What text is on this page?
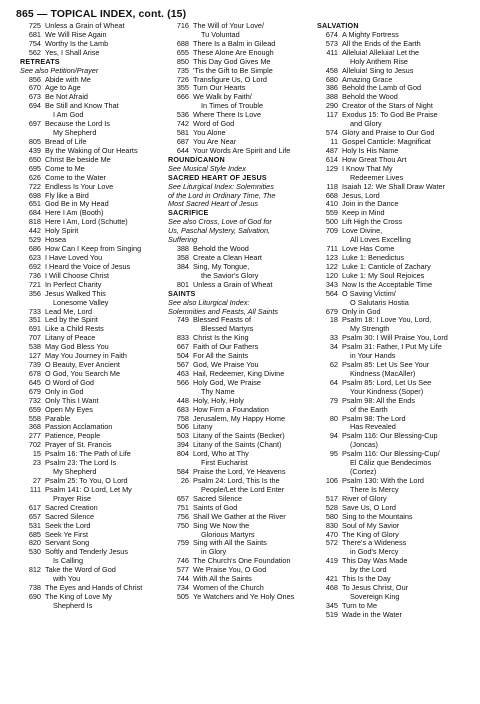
865 — TOPICAL INDEX, cont. (15)
725 Unless a Grain of Wheat
681 We Will Rise Again
754 Worthy Is the Lamb
562 Yes, I Shall Arise
RETREATS
See also Petition/Prayer
856 Abide with Me
670 Age to Age
673 Be Not Afraid
694 Be Still and Know That
I Am God
697 Because the Lord Is
My Shepherd
805 Bread of Life
439 By the Waking of Our Hearts
650 Christ Be beside Me
695 Come to Me
626 Come to the Water
722 Endless Is Your Love
698 Fly like a Bird
651 God Be in My Head
684 Here I Am (Booth)
818 Here I Am, Lord (Schutte)
442 Holy Spirit
529 Hosea
686 How Can I Keep from Singing
623 I Have Loved You
692 I Heard the Voice of Jesus
736 I Will Choose Christ
721 In Perfect Charity
356 Jesus Walked This
Lonesome Valley
733 Lead Me, Lord
351 Led by the Spirit
691 Like a Child Rests
707 Litany of Peace
538 May God Bless You
127 May You Journey in Faith
739 O Beauty, Ever Ancient
678 O God, You Search Me
645 O Word of God
679 Only in God
732 Only This I Want
659 Open My Eyes
558 Parable
368 Passion Acclamation
277 Patience, People
702 Prayer of St. Francis
15 Psalm 16: The Path of Life
23 Psalm 23: The Lord Is
My Shepherd
27 Psalm 25: To You, O Lord
111 Psalm 141: O Lord, Let My
Prayer Rise
617 Sacred Creation
657 Sacred Silence
531 Seek the Lord
685 Seek Ye First
820 Servant Song
530 Softly and Tenderly Jesus
Is Calling
812 Take the Word of God
with You
738 The Eyes and Hands of Christ
690 The King of Love My
Shepherd Is
716 The Will of Your Love/
Tu Voluntad
688 There Is a Balm in Gilead
655 These Alone Are Enough
850 This Day God Gives Me
735 'Tis the Gift to Be Simple
726 Transfigure Us, O Lord
355 Turn Our Hearts
666 We Walk by Faith/
In Times of Trouble
536 Where There Is Love
742 Word of God
581 You Alone
687 You Are Near
644 Your Words Are Spirit and Life
ROUND/CANON
See Musical Style Index
SACRED HEART OF JESUS
See Liturgical Index: Solemnities
of the Lord in Ordinary Time, The
Most Sacred Heart of Jesus
SACRIFICE
See also Cross, Love of God for
Us, Paschal Mystery, Salvation,
Suffering
388 Behold the Wood
358 Create a Clean Heart
384 Sing, My Tongue,
the Savior's Glory
801 Unless a Grain of Wheat
SAINTS
See also Liturgical Index:
Solemnities and Feasts, All Saints
749 Blessed Feasts of
Blessed Martyrs
833 Christ Is the King
667 Faith of Our Fathers
504 For All the Saints
567 God, We Praise You
463 Hail, Redeemer, King Divine
566 Holy God, We Praise
Thy Name
448 Holy, Holy, Holy
683 How Firm a Foundation
758 Jerusalem, My Happy Home
506 Litany
503 Litany of the Saints (Becker)
394 Litany of the Saints (Chant)
804 Lord, Who at Thy
First Eucharist
584 Praise the Lord, Ye Heavens
26 Psalm 24: Lord, This Is the
People/Let the Lord Enter
657 Sacred Silence
751 Saints of God
756 Shall We Gather at the River
750 Sing We Now the
Glorious Martyrs
759 Sing with All the Saints
in Glory
746 The Church's One Foundation
577 We Praise You, O God
744 With All the Saints
734 Women of the Church
505 Ye Watchers and Ye Holy Ones
SALVATION
674 A Mighty Fortress
573 All the Ends of the Earth
411 Alleluia! Alleluia! Let the
Holy Anthem Rise
458 Alleluia! Sing to Jesus
680 Amazing Grace
386 Behold the Lamb of God
388 Behold the Wood
290 Creator of the Stars of Night
117 Exodus 15: To God Be Praise
and Glory
574 Glory and Praise to Our God
11 Gospel Canticle: Magnificat
487 Holy Is His Name
614 How Great Thou Art
129 I Know That My
Redeemer Lives
118 Isaiah 12: We Shall Draw Water
668 Jesus, Lord
410 Join in the Dance
559 Keep in Mind
500 Lift High the Cross
709 Love Divine,
All Loves Excelling
711 Love Has Come
123 Luke 1: Benedictus
122 Luke 1: Canticle of Zachary
120 Luke 1: My Soul Rejoices
343 Now Is the Acceptable Time
564 O Saving Victim/
O Salutaris Hostia
679 Only in God
18 Psalm 18: I Love You, Lord,
My Strength
33 Psalm 30: I Will Praise You, Lord
34 Psalm 31: Father, I Put My Life
in Your Hands
62 Psalm 85: Let Us See Your
Kindness (MacAller)
64 Psalm 85: Lord, Let Us See
Your Kindness (Soper)
79 Psalm 98: All the Ends
of the Earth
80 Psalm 98: The Lord
Has Revealed
94 Psalm 116: Our Blessing-Cup
(Joncas)
95 Psalm 116: Our Blessing-Cup/
El Cáliz que Bendecimos
(Cortez)
106 Psalm 130: With the Lord
There Is Mercy
517 River of Glory
528 Save Us, O Lord
580 Sing to the Mountains
830 Soul of My Savior
470 The King of Glory
572 There's a Wideness
in God's Mercy
419 This Day Was Made
by the Lord
421 This Is the Day
468 To Jesus Christ, Our
Sovereign King
345 Turn to Me
519 Wade in the Water
